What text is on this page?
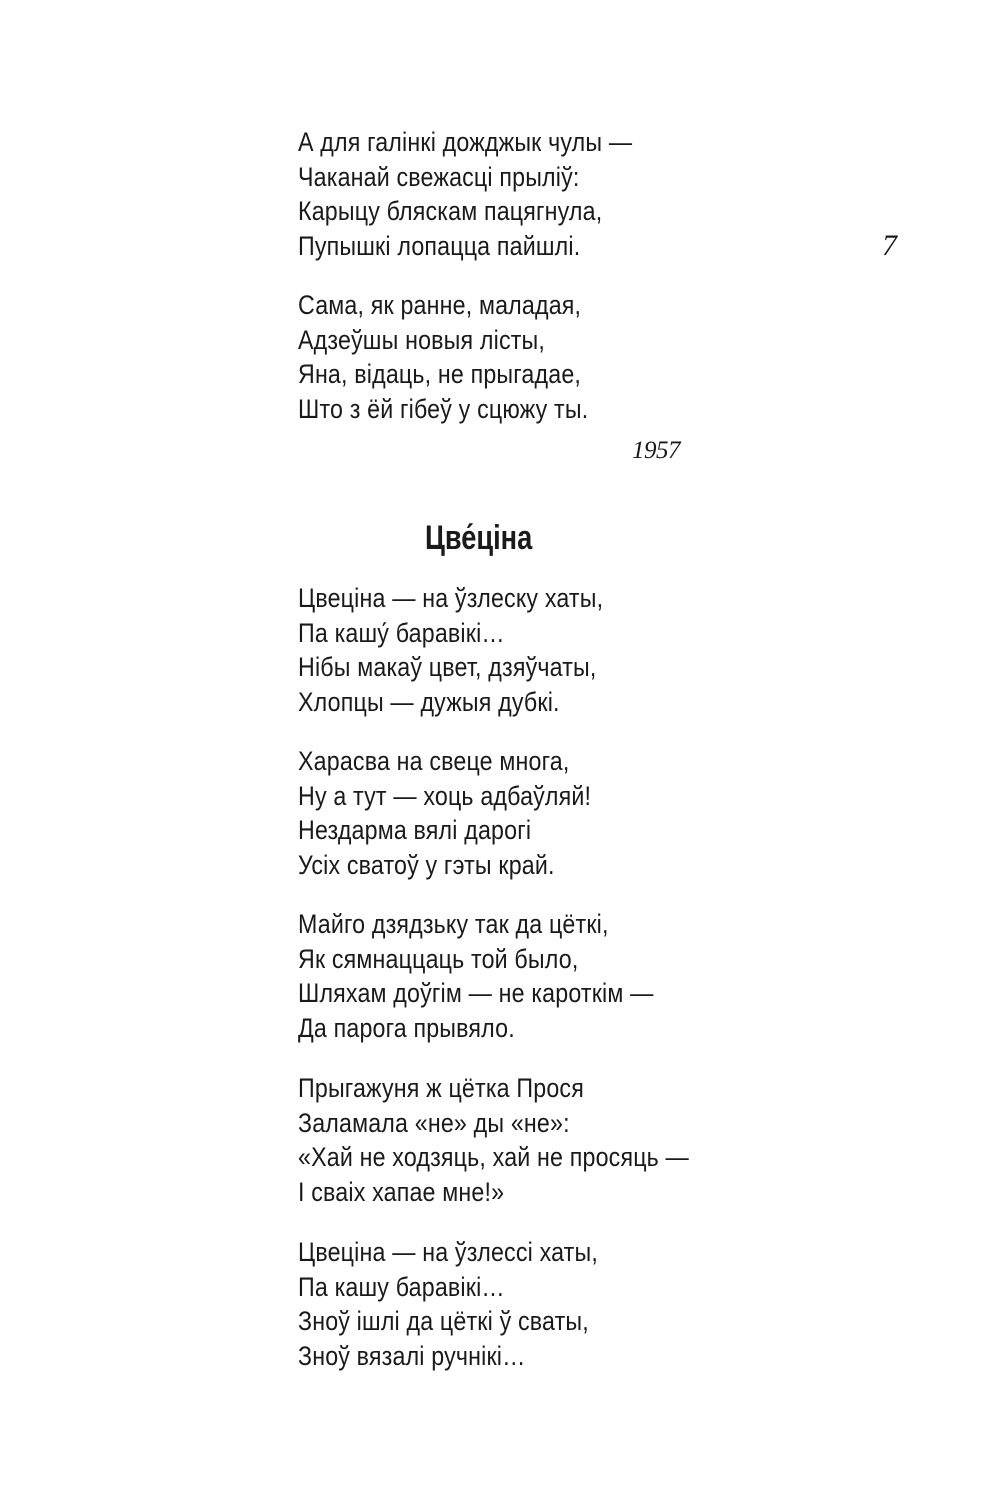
7
А для галінкі дожджык чулы —
Чаканай свежасці прыліў:
Карыцу бляскам пацягнула,
Пупышкі лопацца пайшлі.
Сама, як ранне, маладая,
Адзеўшы новыя лісты,
Яна, відаць, не прыгадае,
Што з ёй гібеў у сцюжу ты.
1957
Цве́ціна
Цвеціна — на ўзлеску хаты,
Па кашу́ баравікі…
Нібы макаў цвет, дзяўчаты,
Хлопцы — дужыя дубкі.
Харасва на свеце многа,
Ну а тут — хоць адбаўляй!
Нездарма вялі дарогі
Усіх сватоў у гэты край.
Майго дзядзьку так да цёткі,
Як сямнаццаць той было,
Шляхам доўгім — не кароткім —
Да парога прывяло.
Прыгажуня ж цётка Прося
Заламала «не» ды «не»:
«Хай не ходзяць, хай не просяць —
І сваіх хапае мне!»
Цвеціна — на ўзлессі хаты,
Па кашу баравікі…
Зноў ішлі да цёткі ў сваты,
Зноў вязалі ручнікі…
